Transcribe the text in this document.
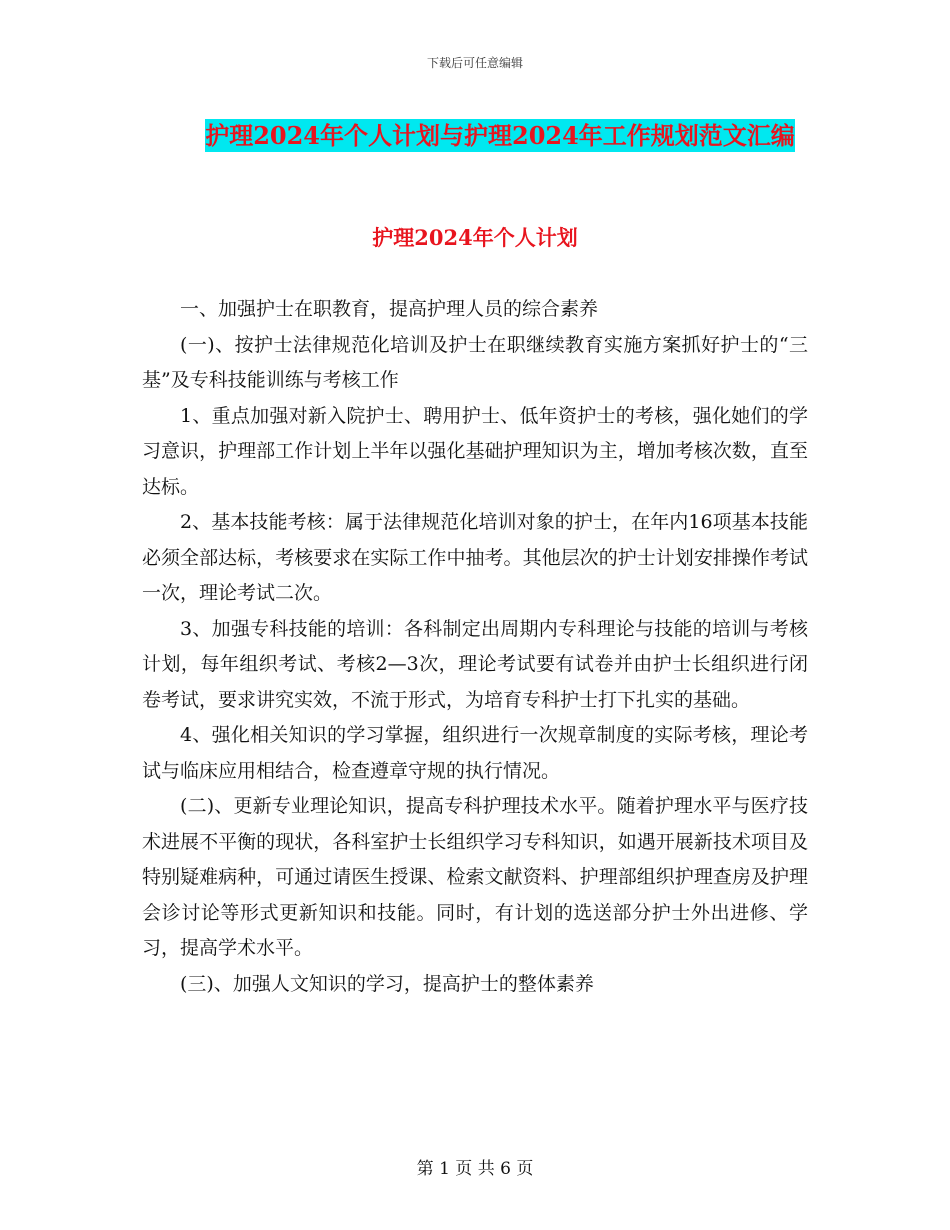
下载后可任意编辑
护理2024年个人计划与护理2024年工作规划范文汇编
护理2024年个人计划

一、加强护士在职教育，提高护理人员的综合素养

(一)、按护士法律规范化培训及护士在职继续教育实施方案抓好护士的“三基”及专科技能训练与考核工作

1、重点加强对新入院护士、聘用护士、低年资护士的考核，强化她们的学习意识，护理部工作计划上半年以强化基础护理知识为主，增加考核次数，直至达标。

2、基本技能考核：属于法律规范化培训对象的护士，在年内16项基本技能必须全部达标，考核要求在实际工作中抽考。其他层次的护士计划安排操作考试一次，理论考试二次。

3、加强专科技能的培训：各科制定出周期内专科理论与技能的培训与考核计划，每年组织考试、考核2—3次，理论考试要有试卷并由护士长组织进行闭卷考试，要求讲究实效，不流于形式，为培育专科护士打下扎实的基础。

4、强化相关知识的学习掌握，组织进行一次规章制度的实际考核，理论考试与临床应用相结合，检查遵章守规的执行情况。

(二)、更新专业理论知识，提高专科护理技术水平。随着护理水平与医疗技术进展不平衡的现状，各科室护士长组织学习专科知识，如遇开展新技术项目及特别疑难病种，可通过请医生授课、检索文献资料、护理部组织护理查房及护理会诊讨论等形式更新知识和技能。同时，有计划的选送部分护士外出进修、学习，提高学术水平。

(三)、加强人文知识的学习，提高护士的整体素养

第 1 页 共 6 页
